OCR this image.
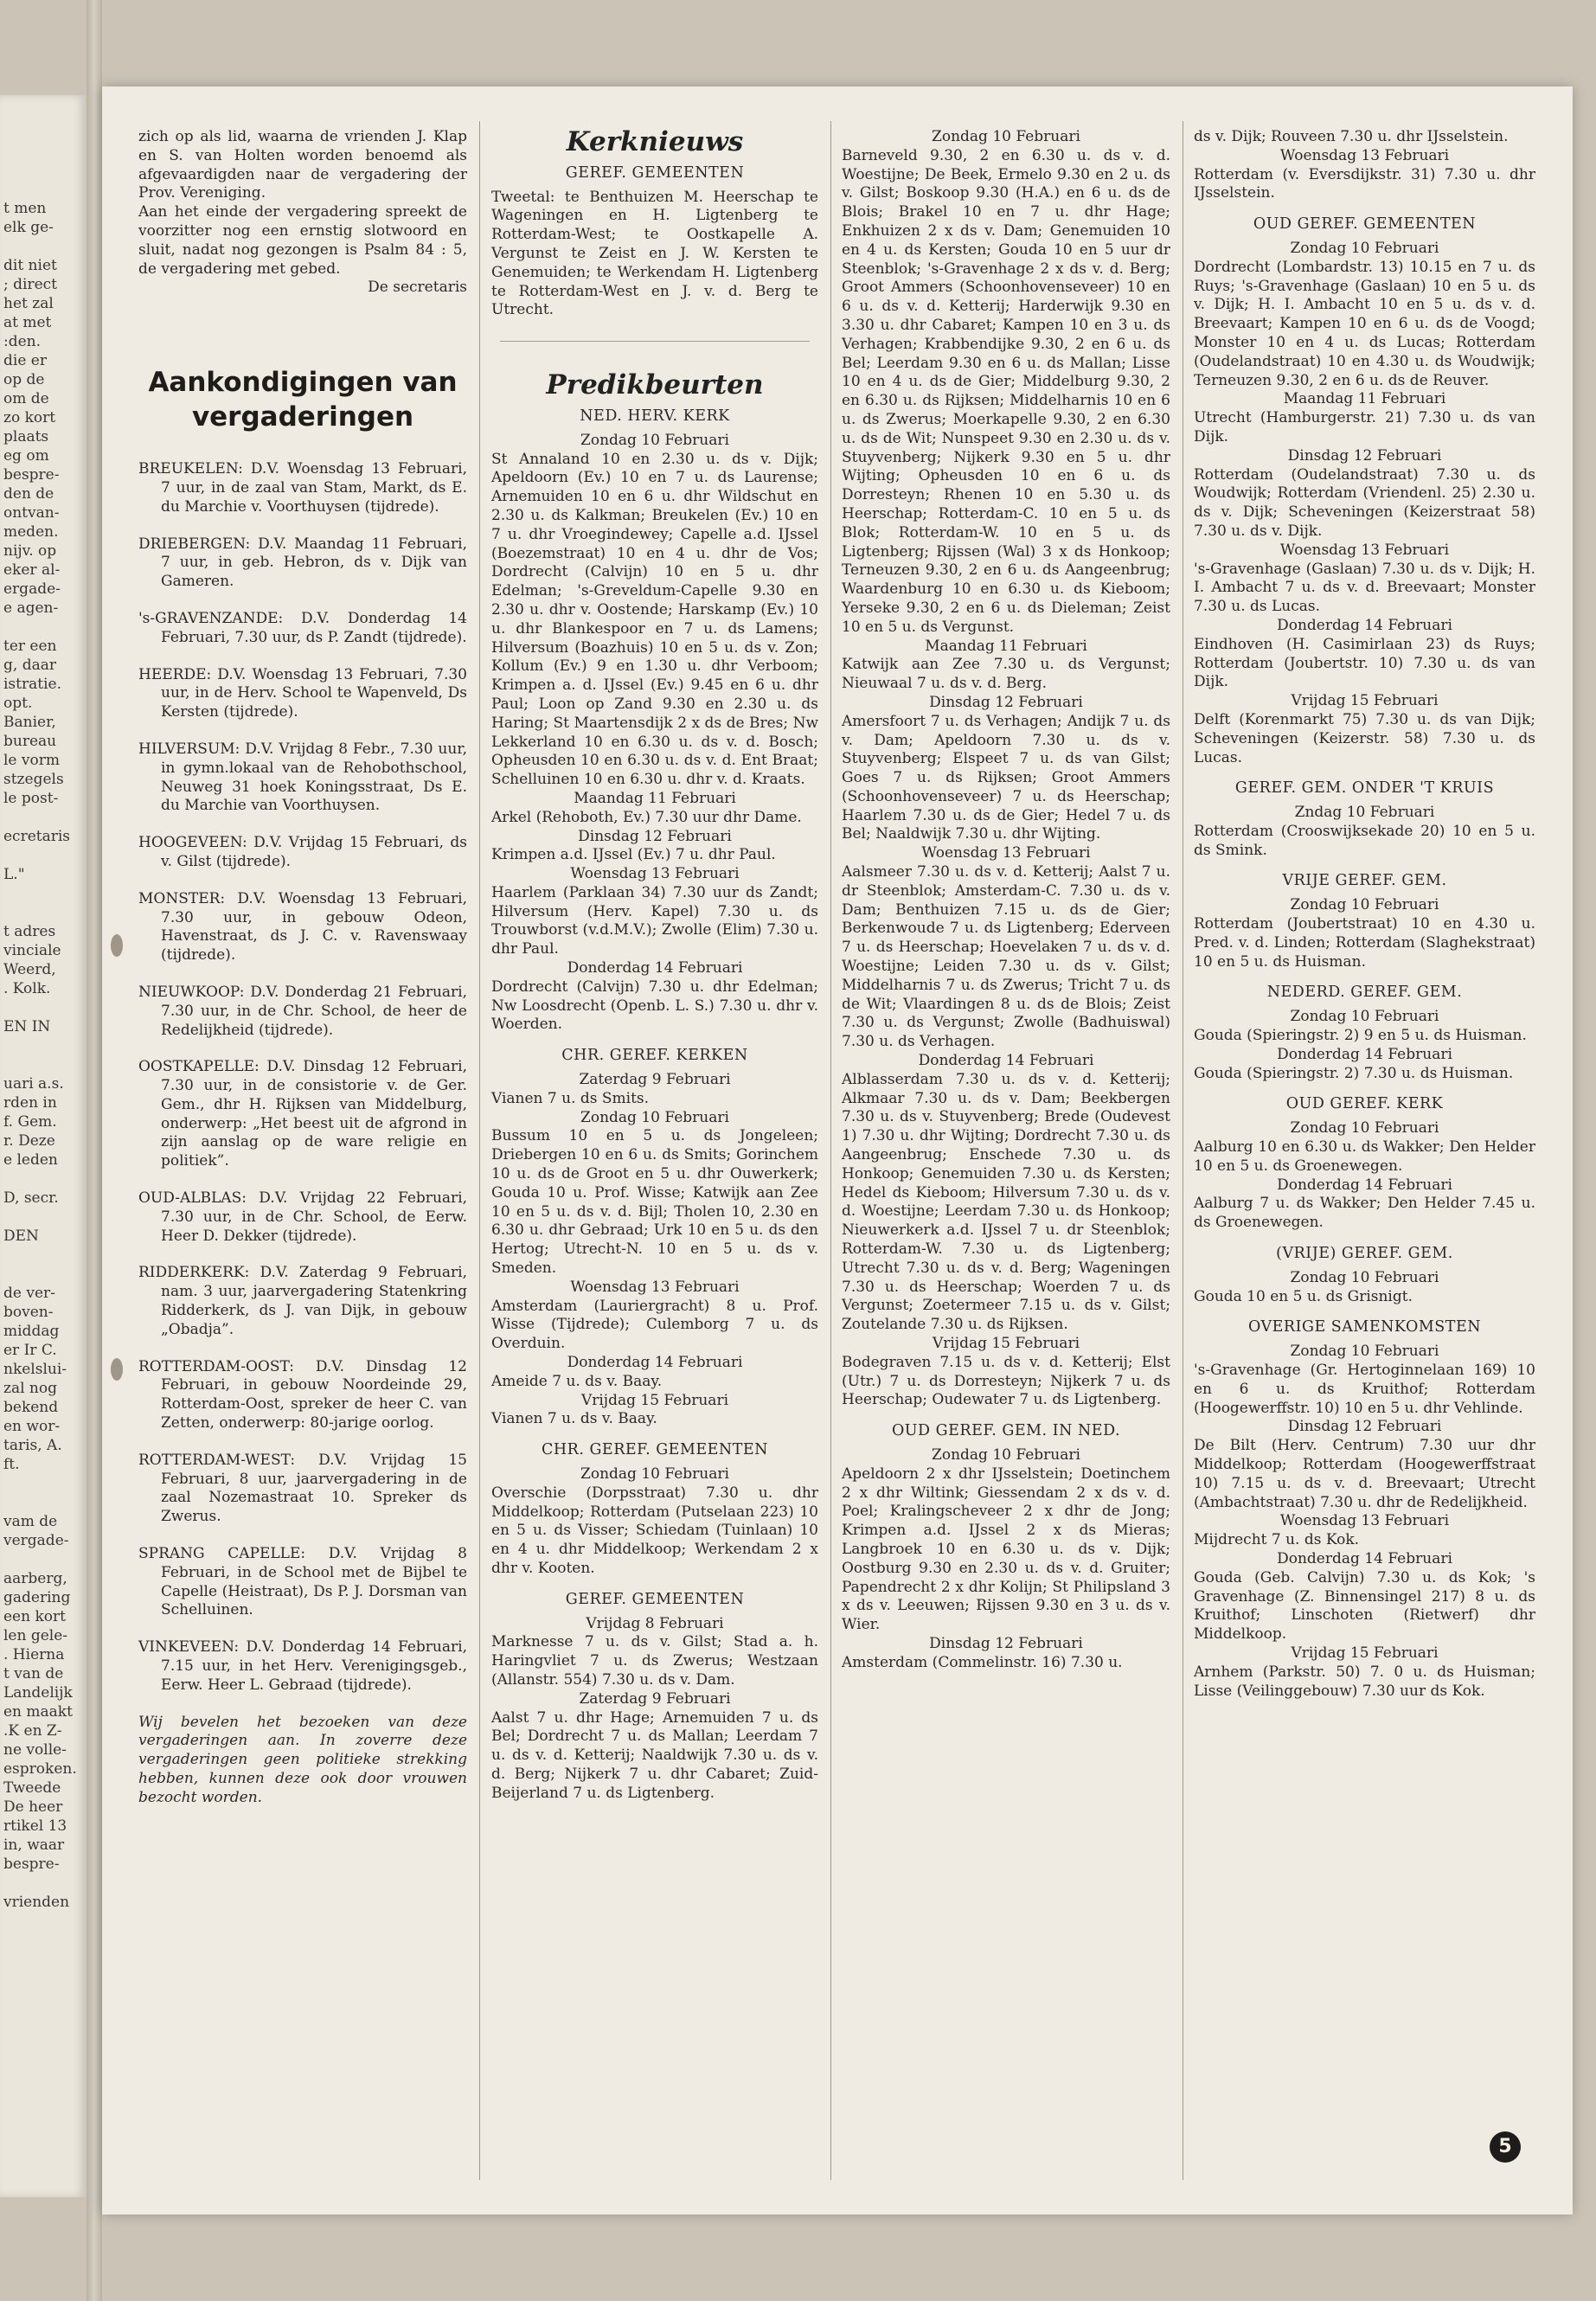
t men
elk ge-
dit niet
; direct
het zal
at met
:den.
die er
op de
om de
zo kort
plaats
eg om
bespre-
den de
ontvan-
meden.
nijv. op
eker al-
ergade-
e agen-
ter een
g, daar
istratie.
opt.
Banier,
bureau
le vorm
stzegels
le post-
ecretaris
L."
t adres
vinciale
Weerd,
. Kolk.
EN IN
uari a.s.
rden in
f. Gem.
r. Deze
e leden
D, secr.
DEN
de ver-
boven-
middag
er Ir C.
nkelslui-
zal nog
bekend
en wor-
taris, A.
ft.
vam de
vergade-
aarberg,
gadering
een kort
len gele-
. Hierna
t van de
Landelijk
en maakt
.K en Z-
ne volle-
esproken.
Tweede
De heer
rtikel 13
in, waar
bespre-
vrienden

zich op als lid, waarna de vrienden J. Klap en S. van Holten worden benoemd als afgevaardigden naar de vergadering der Prov. Vereniging.

Aan het einde der vergadering spreekt de voorzitter nog een ernstig slotwoord en sluit, nadat nog gezongen is Psalm 84 : 5, de vergadering met gebed.

De secretaris

Aankondigingen van vergaderingen

BREUKELEN: D.V. Woensdag 13 Februari, 7 uur, in de zaal van Stam, Markt, ds E. du Marchie v. Voorthuysen (tijdrede).

DRIEBERGEN: D.V. Maandag 11 Februari, 7 uur, in geb. Hebron, ds v. Dijk van Gameren.

's-GRAVENZANDE: D.V. Donderdag 14 Februari, 7.30 uur, ds P. Zandt (tijdrede).

HEERDE: D.V. Woensdag 13 Februari, 7.30 uur, in de Herv. School te Wapenveld, Ds Kersten (tijdrede).

HILVERSUM: D.V. Vrijdag 8 Febr., 7.30 uur, in gymn.lokaal van de Rehobothschool, Neuweg 31 hoek Koningsstraat, Ds E. du Marchie van Voorthuysen.

HOOGEVEEN: D.V. Vrijdag 15 Februari, ds v. Gilst (tijdrede).

MONSTER: D.V. Woensdag 13 Februari, 7.30 uur, in gebouw Odeon, Havenstraat, ds J. C. v. Ravenswaay (tijdrede).

NIEUWKOOP: D.V. Donderdag 21 Februari, 7.30 uur, in de Chr. School, de heer de Redelijkheid (tijdrede).

OOSTKAPELLE: D.V. Dinsdag 12 Februari, 7.30 uur, in de consistorie v. de Ger. Gem., dhr H. Rijksen van Middelburg, onderwerp: „Het beest uit de afgrond in zijn aanslag op de ware religie en politiek”.

OUD-ALBLAS: D.V. Vrijdag 22 Februari, 7.30 uur, in de Chr. School, de Eerw. Heer D. Dekker (tijdrede).

RIDDERKERK: D.V. Zaterdag 9 Februari, nam. 3 uur, jaarvergadering Statenkring Ridderkerk, ds J. van Dijk, in gebouw „Obadja”.

ROTTERDAM-OOST: D.V. Dinsdag 12 Februari, in gebouw Noordeinde 29, Rotterdam-Oost, spreker de heer C. van Zetten, onderwerp: 80-jarige oorlog.

ROTTERDAM-WEST: D.V. Vrijdag 15 Februari, 8 uur, jaarvergadering in de zaal Nozemastraat 10. Spreker ds Zwerus.

SPRANG CAPELLE: D.V. Vrijdag 8 Februari, in de School met de Bijbel te Capelle (Heistraat), Ds P. J. Dorsman van Schelluinen.

VINKEVEEN: D.V. Donderdag 14 Februari, 7.15 uur, in het Herv. Verenigingsgeb., Eerw. Heer L. Gebraad (tijdrede).

Wij bevelen het bezoeken van deze vergaderingen aan. In zoverre deze vergaderingen geen politieke strekking hebben, kunnen deze ook door vrouwen bezocht worden.

Kerknieuws
GEREF. GEMEENTEN

Tweetal: te Benthuizen M. Heerschap te Wageningen en H. Ligtenberg te Rotterdam-West; te Oostkapelle A. Vergunst te Zeist en J. W. Kersten te Genemuiden; te Werkendam H. Ligtenberg te Rotterdam-West en J. v. d. Berg te Utrecht.

Predikbeurten
NED. HERV. KERK
Zondag 10 Februari

St Annaland 10 en 2.30 u. ds v. Dijk; Apeldoorn (Ev.) 10 en 7 u. ds Laurense; Arnemuiden 10 en 6 u. dhr Wildschut en 2.30 u. ds Kalkman; Breukelen (Ev.) 10 en 7 u. dhr Vroegindewey; Capelle a.d. IJssel (Boezemstraat) 10 en 4 u. dhr de Vos; Dordrecht (Calvijn) 10 en 5 u. dhr Edelman; 's-Greveldum-Capelle 9.30 en 2.30 u. dhr v. Oostende; Harskamp (Ev.) 10 u. dhr Blankespoor en 7 u. ds Lamens; Hilversum (Boazhuis) 10 en 5 u. ds v. Zon; Kollum (Ev.) 9 en 1.30 u. dhr Verboom; Krimpen a. d. IJssel (Ev.) 9.45 en 6 u. dhr Paul; Loon op Zand 9.30 en 2.30 u. ds Haring; St Maartensdijk 2 x ds de Bres; Nw Lekkerland 10 en 6.30 u. ds v. d. Bosch; Opheusden 10 en 6.30 u. ds v. d. Ent Braat; Schelluinen 10 en 6.30 u. dhr v. d. Kraats.

Maandag 11 Februari

Arkel (Rehoboth, Ev.) 7.30 uur dhr Dame.

Dinsdag 12 Februari

Krimpen a.d. IJssel (Ev.) 7 u. dhr Paul.

Woensdag 13 Februari

Haarlem (Parklaan 34) 7.30 uur ds Zandt; Hilversum (Herv. Kapel) 7.30 u. ds Trouwborst (v.d.M.V.); Zwolle (Elim) 7.30 u. dhr Paul.

Donderdag 14 Februari

Dordrecht (Calvijn) 7.30 u. dhr Edelman; Nw Loosdrecht (Openb. L. S.) 7.30 u. dhr v. Woerden.

CHR. GEREF. KERKEN
Zaterdag 9 Februari

Vianen 7 u. ds Smits.

Zondag 10 Februari

Bussum 10 en 5 u. ds Jongeleen; Driebergen 10 en 6 u. ds Smits; Gorinchem 10 u. ds de Groot en 5 u. dhr Ouwerkerk; Gouda 10 u. Prof. Wisse; Katwijk aan Zee 10 en 5 u. ds v. d. Bijl; Tholen 10, 2.30 en 6.30 u. dhr Gebraad; Urk 10 en 5 u. ds den Hertog; Utrecht-N. 10 en 5 u. ds v. Smeden.

Woensdag 13 Februari

Amsterdam (Lauriergracht) 8 u. Prof. Wisse (Tijdrede); Culemborg 7 u. ds Overduin.

Donderdag 14 Februari

Ameide 7 u. ds v. Baay.

Vrijdag 15 Februari

Vianen 7 u. ds v. Baay.

CHR. GEREF. GEMEENTEN
Zondag 10 Februari

Overschie (Dorpsstraat) 7.30 u. dhr Middelkoop; Rotterdam (Putselaan 223) 10 en 5 u. ds Visser; Schiedam (Tuinlaan) 10 en 4 u. dhr Middelkoop; Werkendam 2 x dhr v. Kooten.

GEREF. GEMEENTEN
Vrijdag 8 Februari

Marknesse 7 u. ds v. Gilst; Stad a. h. Haringvliet 7 u. ds Zwerus; Westzaan (Allanstr. 554) 7.30 u. ds v. Dam.

Zaterdag 9 Februari

Aalst 7 u. dhr Hage; Arnemuiden 7 u. ds Bel; Dordrecht 7 u. ds Mallan; Leerdam 7 u. ds v. d. Ketterij; Naaldwijk 7.30 u. ds v. d. Berg; Nijkerk 7 u. dhr Cabaret; Zuid-Beijerland 7 u. ds Ligtenberg.

Zondag 10 Februari

Barneveld 9.30, 2 en 6.30 u. ds v. d. Woestijne; De Beek, Ermelo 9.30 en 2 u. ds v. Gilst; Boskoop 9.30 (H.A.) en 6 u. ds de Blois; Brakel 10 en 7 u. dhr Hage; Enkhuizen 2 x ds v. Dam; Genemuiden 10 en 4 u. ds Kersten; Gouda 10 en 5 uur dr Steenblok; 's-Gravenhage 2 x ds v. d. Berg; Groot Ammers (Schoonhovenseveer) 10 en 6 u. ds v. d. Ketterij; Harderwijk 9.30 en 3.30 u. dhr Cabaret; Kampen 10 en 3 u. ds Verhagen; Krabbendijke 9.30, 2 en 6 u. ds Bel; Leerdam 9.30 en 6 u. ds Mallan; Lisse 10 en 4 u. ds de Gier; Middelburg 9.30, 2 en 6.30 u. ds Rijksen; Middelharnis 10 en 6 u. ds Zwerus; Moerkapelle 9.30, 2 en 6.30 u. ds de Wit; Nunspeet 9.30 en 2.30 u. ds v. Stuyvenberg; Nijkerk 9.30 en 5 u. dhr Wijting; Opheusden 10 en 6 u. ds Dorresteyn; Rhenen 10 en 5.30 u. ds Heerschap; Rotterdam-C. 10 en 5 u. ds Blok; Rotterdam-W. 10 en 5 u. ds Ligtenberg; Rijssen (Wal) 3 x ds Honkoop; Terneuzen 9.30, 2 en 6 u. ds Aangeenbrug; Waardenburg 10 en 6.30 u. ds Kieboom; Yerseke 9.30, 2 en 6 u. ds Dieleman; Zeist 10 en 5 u. ds Vergunst.

Maandag 11 Februari

Katwijk aan Zee 7.30 u. ds Vergunst; Nieuwaal 7 u. ds v. d. Berg.

Dinsdag 12 Februari

Amersfoort 7 u. ds Verhagen; Andijk 7 u. ds v. Dam; Apeldoorn 7.30 u. ds v. Stuyvenberg; Elspeet 7 u. ds van Gilst; Goes 7 u. ds Rijksen; Groot Ammers (Schoonhovenseveer) 7 u. ds Heerschap; Haarlem 7.30 u. ds de Gier; Hedel 7 u. ds Bel; Naaldwijk 7.30 u. dhr Wijting.

Woensdag 13 Februari

Aalsmeer 7.30 u. ds v. d. Ketterij; Aalst 7 u. dr Steenblok; Amsterdam-C. 7.30 u. ds v. Dam; Benthuizen 7.15 u. ds de Gier; Berkenwoude 7 u. ds Ligtenberg; Ederveen 7 u. ds Heerschap; Hoevelaken 7 u. ds v. d. Woestijne; Leiden 7.30 u. ds v. Gilst; Middelharnis 7 u. ds Zwerus; Tricht 7 u. ds de Wit; Vlaardingen 8 u. ds de Blois; Zeist 7.30 u. ds Vergunst; Zwolle (Badhuiswal) 7.30 u. ds Verhagen.

Donderdag 14 Februari

Alblasserdam 7.30 u. ds v. d. Ketterij; Alkmaar 7.30 u. ds v. Dam; Beekbergen 7.30 u. ds v. Stuyvenberg; Brede (Oudevest 1) 7.30 u. dhr Wijting; Dordrecht 7.30 u. ds Aangeenbrug; Enschede 7.30 u. ds Honkoop; Genemuiden 7.30 u. ds Kersten; Hedel ds Kieboom; Hilversum 7.30 u. ds v. d. Woestijne; Leerdam 7.30 u. ds Honkoop; Nieuwerkerk a.d. IJssel 7 u. dr Steenblok; Rotterdam-W. 7.30 u. ds Ligtenberg; Utrecht 7.30 u. ds v. d. Berg; Wageningen 7.30 u. ds Heerschap; Woerden 7 u. ds Vergunst; Zoetermeer 7.15 u. ds v. Gilst; Zoutelande 7.30 u. ds Rijksen.

Vrijdag 15 Februari

Bodegraven 7.15 u. ds v. d. Ketterij; Elst (Utr.) 7 u. ds Dorresteyn; Nijkerk 7 u. ds Heerschap; Oudewater 7 u. ds Ligtenberg.

OUD GEREF. GEM. IN NED.
Zondag 10 Februari

Apeldoorn 2 x dhr IJsselstein; Doetinchem 2 x dhr Wiltink; Giessendam 2 x ds v. d. Poel; Kralingscheveer 2 x dhr de Jong; Krimpen a.d. IJssel 2 x ds Mieras; Langbroek 10 en 6.30 u. ds v. Dijk; Oostburg 9.30 en 2.30 u. ds v. d. Gruiter; Papendrecht 2 x dhr Kolijn; St Philipsland 3 x ds v. Leeuwen; Rijssen 9.30 en 3 u. ds v. Wier.

Dinsdag 12 Februari

Amsterdam (Commelinstr. 16) 7.30 u.

ds v. Dijk; Rouveen 7.30 u. dhr IJsselstein.

Woensdag 13 Februari

Rotterdam (v. Eversdijkstr. 31) 7.30 u. dhr IJsselstein.

OUD GEREF. GEMEENTEN
Zondag 10 Februari

Dordrecht (Lombardstr. 13) 10.15 en 7 u. ds Ruys; 's-Gravenhage (Gaslaan) 10 en 5 u. ds v. Dijk; H. I. Ambacht 10 en 5 u. ds v. d. Breevaart; Kampen 10 en 6 u. ds de Voogd; Monster 10 en 4 u. ds Lucas; Rotterdam (Oudelandstraat) 10 en 4.30 u. ds Woudwijk; Terneuzen 9.30, 2 en 6 u. ds de Reuver.

Maandag 11 Februari

Utrecht (Hamburgerstr. 21) 7.30 u. ds van Dijk.

Dinsdag 12 Februari

Rotterdam (Oudelandstraat) 7.30 u. ds Woudwijk; Rotterdam (Vriendenl. 25) 2.30 u. ds v. Dijk; Scheveningen (Keizerstraat 58) 7.30 u. ds v. Dijk.

Woensdag 13 Februari

's-Gravenhage (Gaslaan) 7.30 u. ds v. Dijk; H. I. Ambacht 7 u. ds v. d. Breevaart; Monster 7.30 u. ds Lucas.

Donderdag 14 Februari

Eindhoven (H. Casimirlaan 23) ds Ruys; Rotterdam (Joubertstr. 10) 7.30 u. ds van Dijk.

Vrijdag 15 Februari

Delft (Korenmarkt 75) 7.30 u. ds van Dijk; Scheveningen (Keizerstr. 58) 7.30 u. ds Lucas.

GEREF. GEM. ONDER 'T KRUIS
Zndag 10 Februari

Rotterdam (Crooswijksekade 20) 10 en 5 u. ds Smink.

VRIJE GEREF. GEM.
Zondag 10 Februari

Rotterdam (Joubertstraat) 10 en 4.30 u. Pred. v. d. Linden; Rotterdam (Slaghekstraat) 10 en 5 u. ds Huisman.

NEDERD. GEREF. GEM.
Zondag 10 Februari

Gouda (Spieringstr. 2) 9 en 5 u. ds Huisman.

Donderdag 14 Februari

Gouda (Spieringstr. 2) 7.30 u. ds Huisman.

OUD GEREF. KERK
Zondag 10 Februari

Aalburg 10 en 6.30 u. ds Wakker; Den Helder 10 en 5 u. ds Groenewegen.

Donderdag 14 Februari

Aalburg 7 u. ds Wakker; Den Helder 7.45 u. ds Groenewegen.

(VRIJE) GEREF. GEM.
Zondag 10 Februari

Gouda 10 en 5 u. ds Grisnigt.

OVERIGE SAMENKOMSTEN
Zondag 10 Februari

's-Gravenhage (Gr. Hertoginnelaan 169) 10 en 6 u. ds Kruithof; Rotterdam (Hoogewerffstr. 10) 10 en 5 u. dhr Vehlinde.

Dinsdag 12 Februari

De Bilt (Herv. Centrum) 7.30 uur dhr Middelkoop; Rotterdam (Hoogewerffstraat 10) 7.15 u. ds v. d. Breevaart; Utrecht (Ambachtstraat) 7.30 u. dhr de Redelijkheid.

Woensdag 13 Februari

Mijdrecht 7 u. ds Kok.

Donderdag 14 Februari

Gouda (Geb. Calvijn) 7.30 u. ds Kok; 's Gravenhage (Z. Binnensingel 217) 8 u. ds Kruithof; Linschoten (Rietwerf) dhr Middelkoop.

Vrijdag 15 Februari

Arnhem (Parkstr. 50) 7. 0 u. ds Huisman; Lisse (Veilinggebouw) 7.30 uur ds Kok.

5
